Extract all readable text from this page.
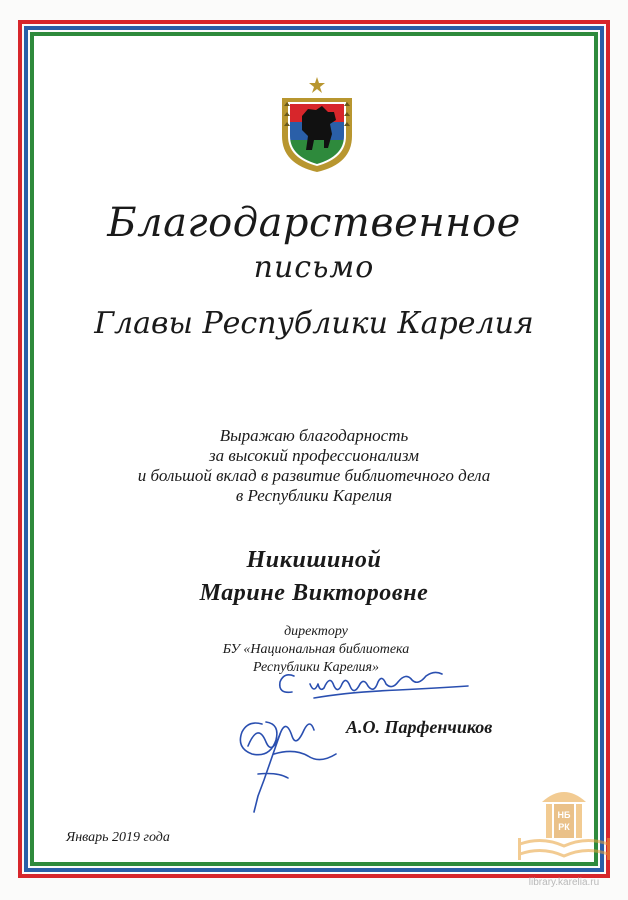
Благодарственное
письмо
Главы Республики Карелия
Выражаю благодарность
за высокий профессионализм
и большой вклад в развитие библиотечного дела
в Республики Карелия
Никишиной
Марине Викторовне
директору
БУ «Национальная библиотека
Республики Карелия»
А.О. Парфенчиков
Январь 2019 года
НБ
РК
library.karelia.ru
